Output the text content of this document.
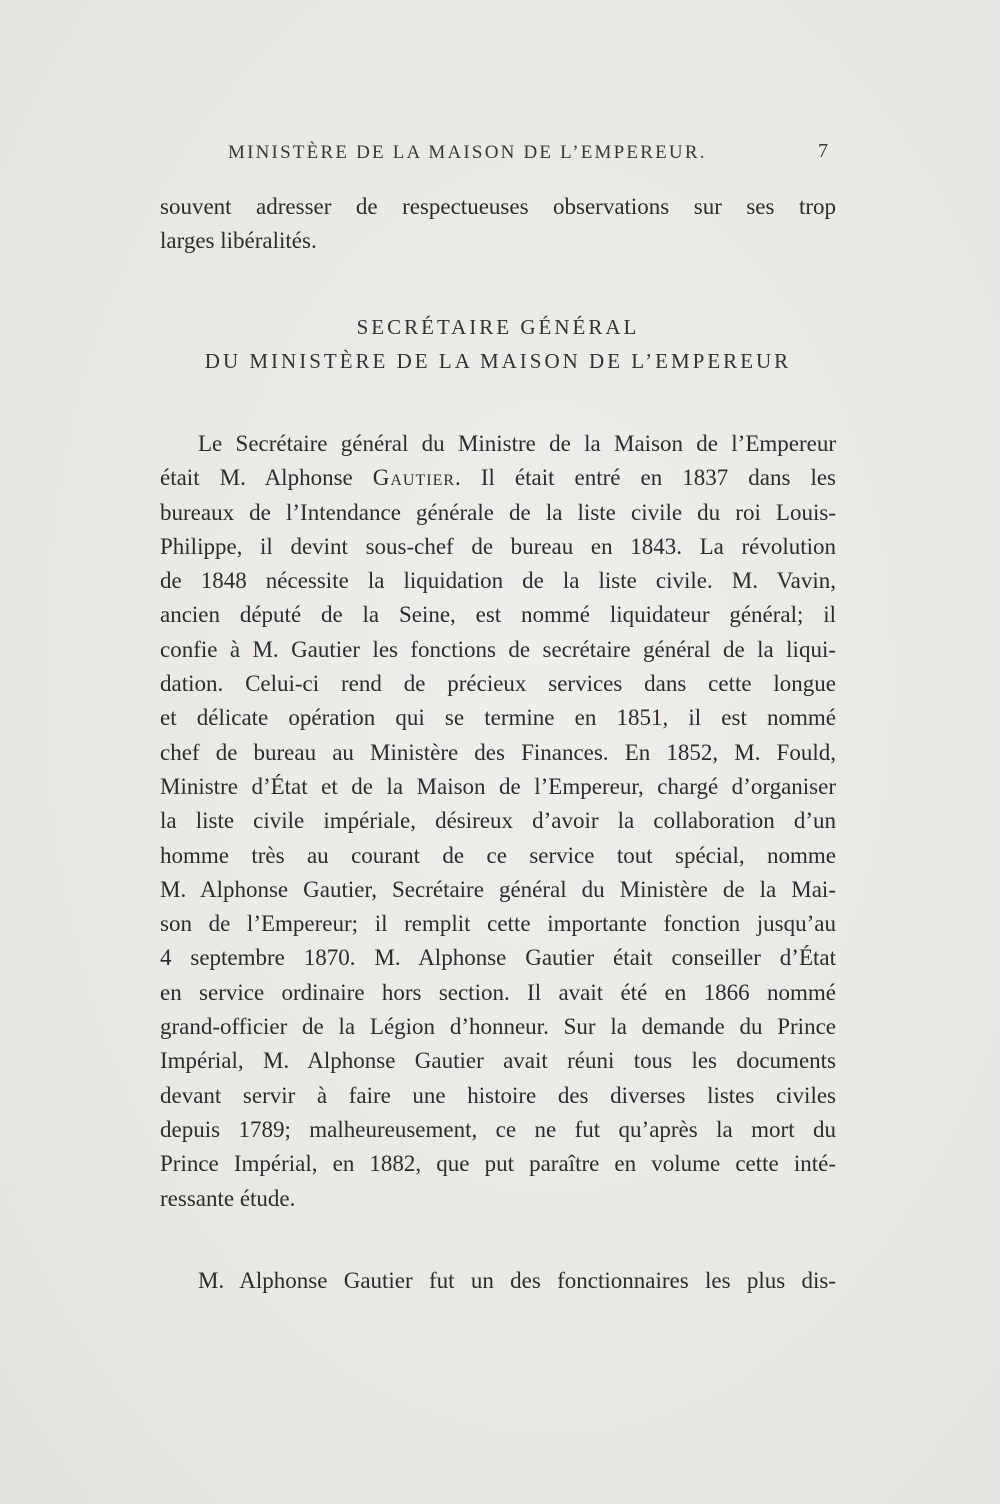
MINISTÈRE DE LA MAISON DE L’EMPEREUR.	7
souvent adresser de respectueuses observations sur ses trop
larges libéralités.
SECRÉTAIRE GÉNÉRAL
DU MINISTÈRE DE LA MAISON DE L’EMPEREUR
Le Secrétaire général du Ministre de la Maison de l’Empereur
était M. Alphonse Gautier. Il était entré en 1837 dans les
bureaux de l’Intendance générale de la liste civile du roi Louis-
Philippe, il devint sous-chef de bureau en 1843. La révolution
de 1848 nécessite la liquidation de la liste civile. M. Vavin,
ancien député de la Seine, est nommé liquidateur général; il
confie à M. Gautier les fonctions de secrétaire général de la liqui-
dation. Celui-ci rend de précieux services dans cette longue
et délicate opération qui se termine en 1851, il est nommé
chef de bureau au Ministère des Finances. En 1852, M. Fould,
Ministre d’État et de la Maison de l’Empereur, chargé d’organiser
la liste civile impériale, désireux d’avoir la collaboration d’un
homme très au courant de ce service tout spécial, nomme
M. Alphonse Gautier, Secrétaire général du Ministère de la Mai-
son de l’Empereur; il remplit cette importante fonction jusqu’au
4 septembre 1870. M. Alphonse Gautier était conseiller d’État
en service ordinaire hors section. Il avait été en 1866 nommé
grand-officier de la Légion d’honneur. Sur la demande du Prince
Impérial, M. Alphonse Gautier avait réuni tous les documents
devant servir à faire une histoire des diverses listes civiles
depuis 1789; malheureusement, ce ne fut qu’après la mort du
Prince Impérial, en 1882, que put paraître en volume cette inté-
ressante étude.
M. Alphonse Gautier fut un des fonctionnaires les plus dis-
